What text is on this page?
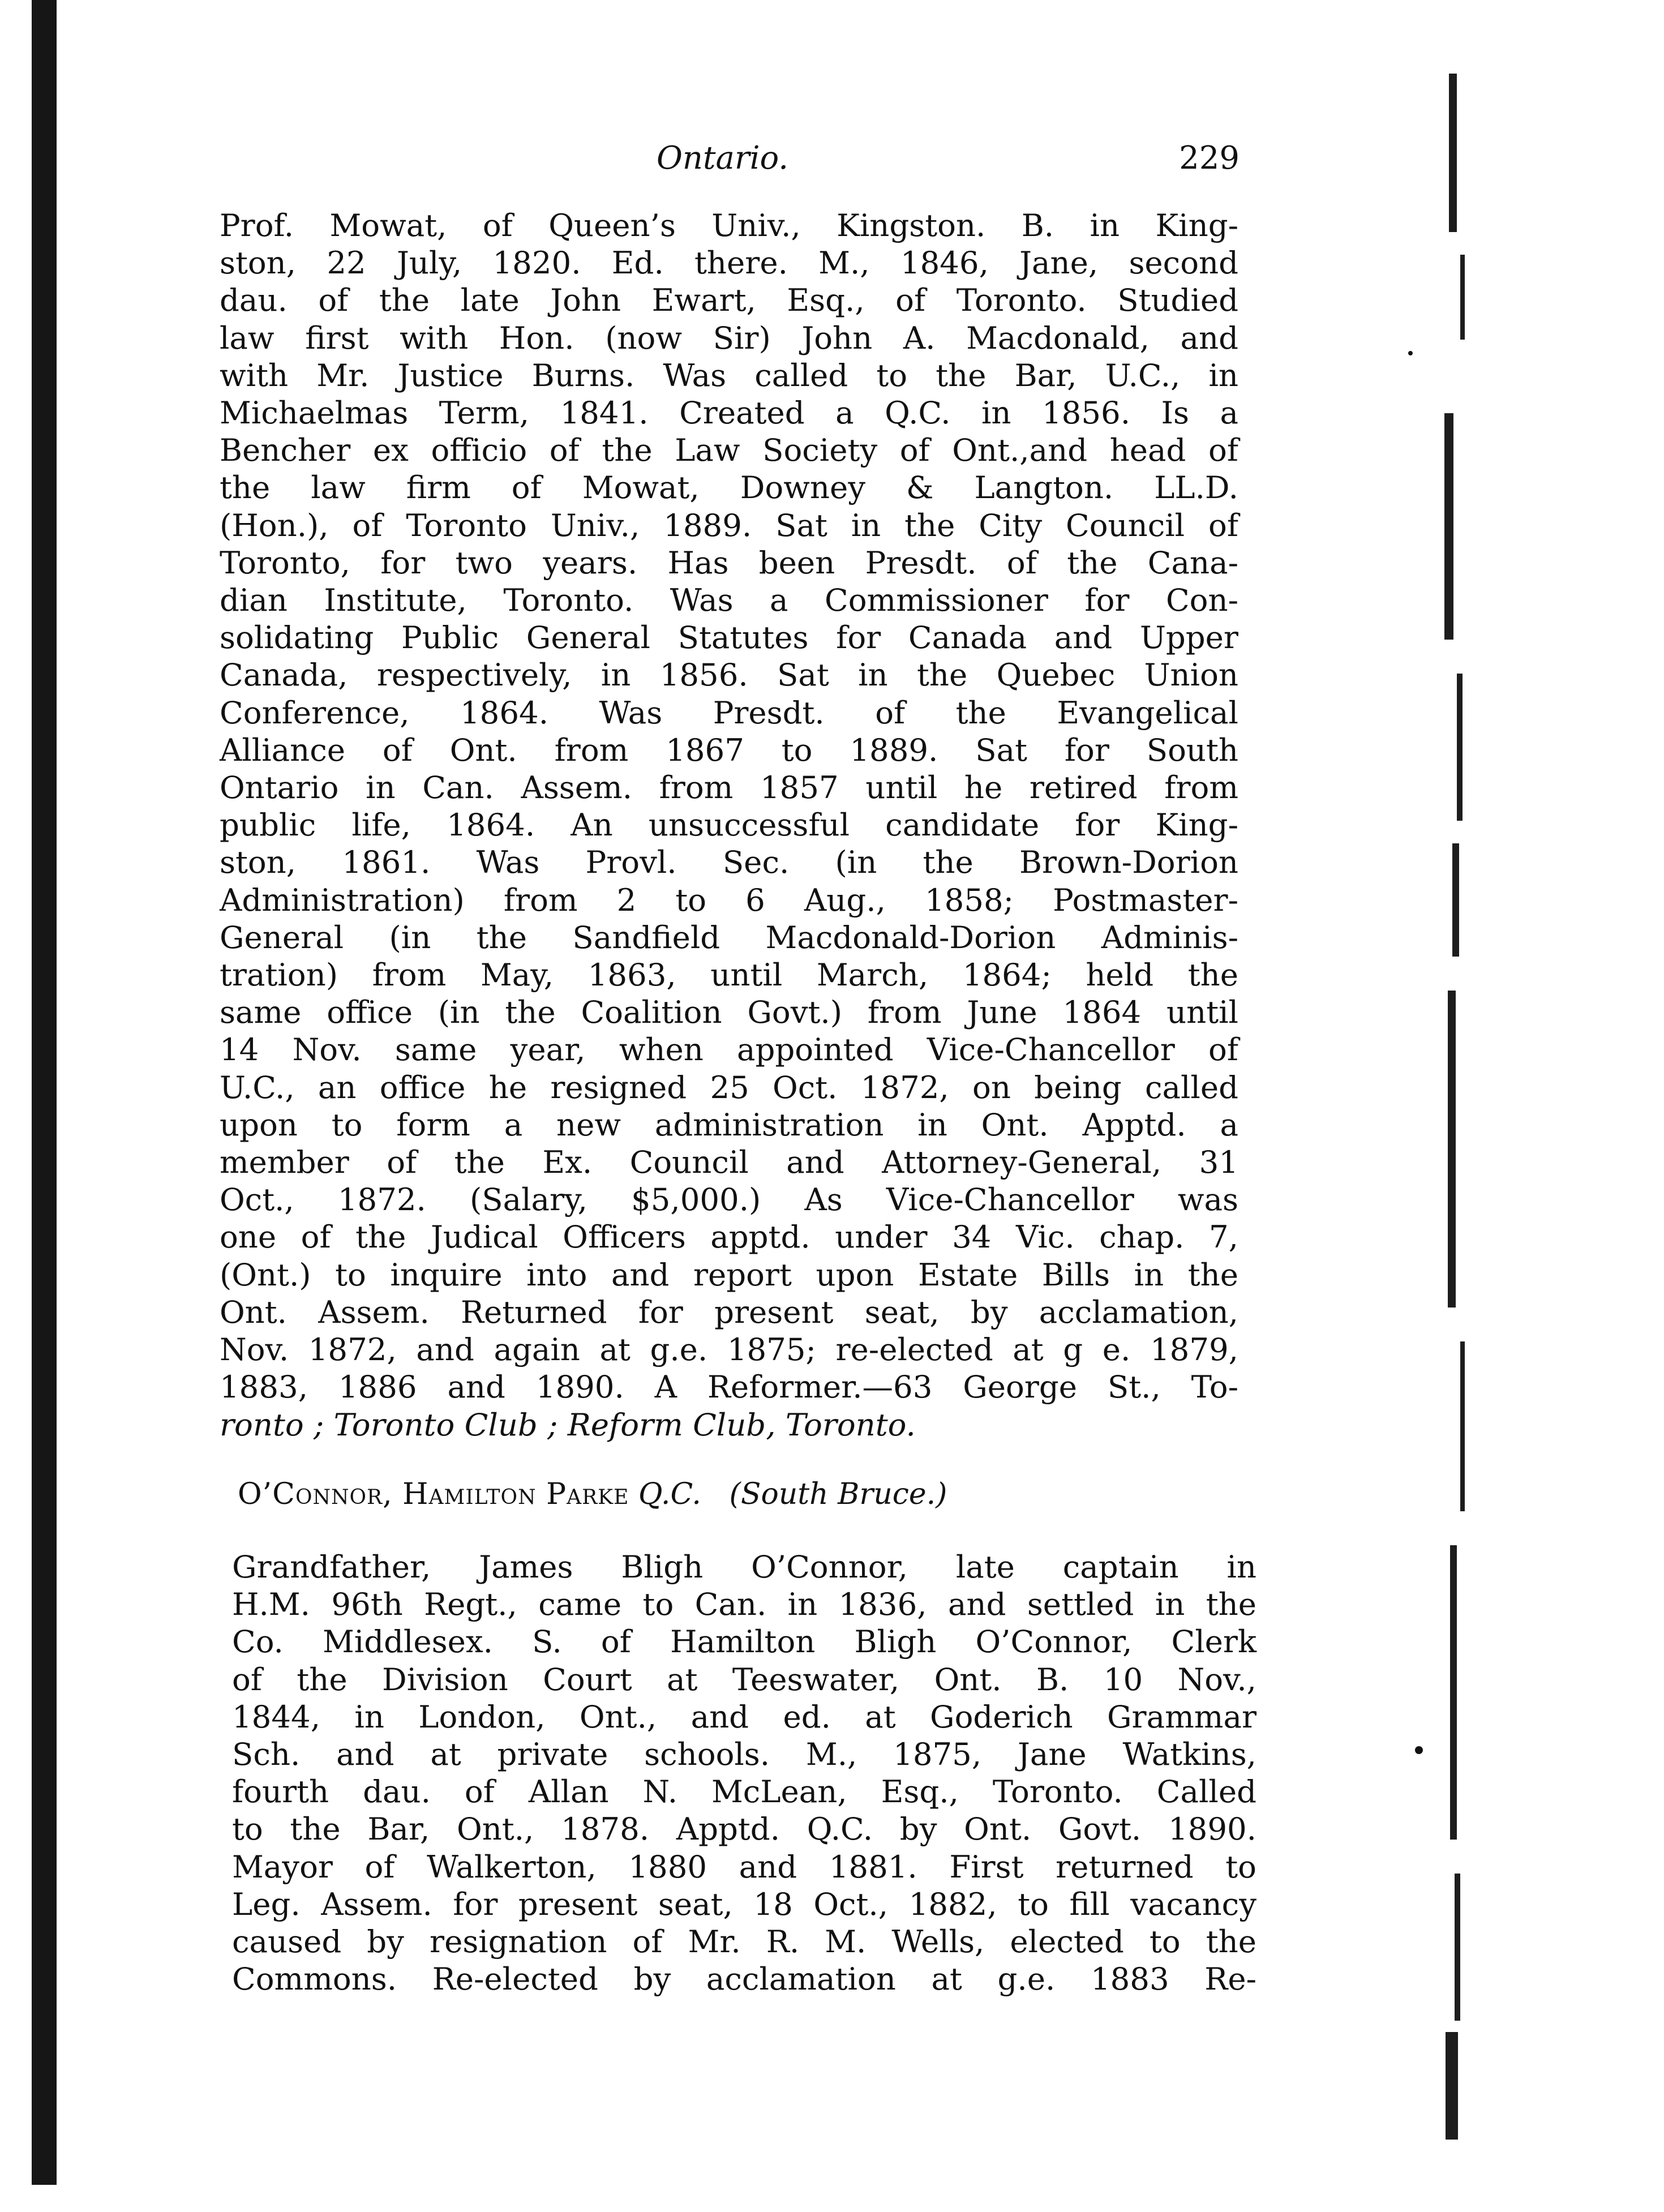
Ontario.	229
Prof. Mowat, of Queen’s Univ., Kingston. B. in King-
ston, 22 July, 1820. Ed. there. M., 1846, Jane, second
dau. of the late John Ewart, Esq., of Toronto. Studied
law first with Hon. (now Sir) John A. Macdonald, and
with Mr. Justice Burns. Was called to the Bar, U.C., in
Michaelmas Term, 1841. Created a Q.C. in 1856. Is a
Bencher ex officio of the Law Society of Ont.,and head of
the law firm of Mowat, Downey & Langton. LL.D.
(Hon.), of Toronto Univ., 1889. Sat in the City Council of
Toronto, for two years. Has been Presdt. of the Cana-
dian Institute, Toronto. Was a Commissioner for Con-
solidating Public General Statutes for Canada and Upper
Canada, respectively, in 1856. Sat in the Quebec Union
Conference, 1864. Was Presdt. of the Evangelical
Alliance of Ont. from 1867 to 1889. Sat for South
Ontario in Can. Assem. from 1857 until he retired from
public life, 1864. An unsuccessful candidate for King-
ston, 1861. Was Provl. Sec. (in the Brown-Dorion
Administration) from 2 to 6 Aug., 1858; Postmaster-
General (in the Sandfield Macdonald-Dorion Adminis-
tration) from May, 1863, until March, 1864; held the
same office (in the Coalition Govt.) from June 1864 until
14 Nov. same year, when appointed Vice-Chancellor of
U.C., an office he resigned 25 Oct. 1872, on being called
upon to form a new administration in Ont. Apptd. a
member of the Ex. Council and Attorney-General, 31
Oct., 1872. (Salary, $5,000.) As Vice-Chancellor was
one of the Judical Officers apptd. under 34 Vic. chap. 7,
(Ont.) to inquire into and report upon Estate Bills in the
Ont. Assem. Returned for present seat, by acclamation,
Nov. 1872, and again at g.e. 1875; re-elected at g e. 1879,
1883, 1886 and 1890. A Reformer.—63 George St., To-
ronto ; Toronto Club ; Reform Club, Toronto.
O’Connor, Hamilton Parke Q.C. (South Bruce.)
Grandfather, James Bligh O’Connor, late captain in
H.M. 96th Regt., came to Can. in 1836, and settled in the
Co. Middlesex. S. of Hamilton Bligh O’Connor, Clerk
of the Division Court at Teeswater, Ont. B. 10 Nov.,
1844, in London, Ont., and ed. at Goderich Grammar
Sch. and at private schools. M., 1875, Jane Watkins,
fourth dau. of Allan N. McLean, Esq., Toronto. Called
to the Bar, Ont., 1878. Apptd. Q.C. by Ont. Govt. 1890.
Mayor of Walkerton, 1880 and 1881. First returned to
Leg. Assem. for present seat, 18 Oct., 1882, to fill vacancy
caused by resignation of Mr. R. M. Wells, elected to the
Commons. Re-elected by acclamation at g.e. 1883 Re-
